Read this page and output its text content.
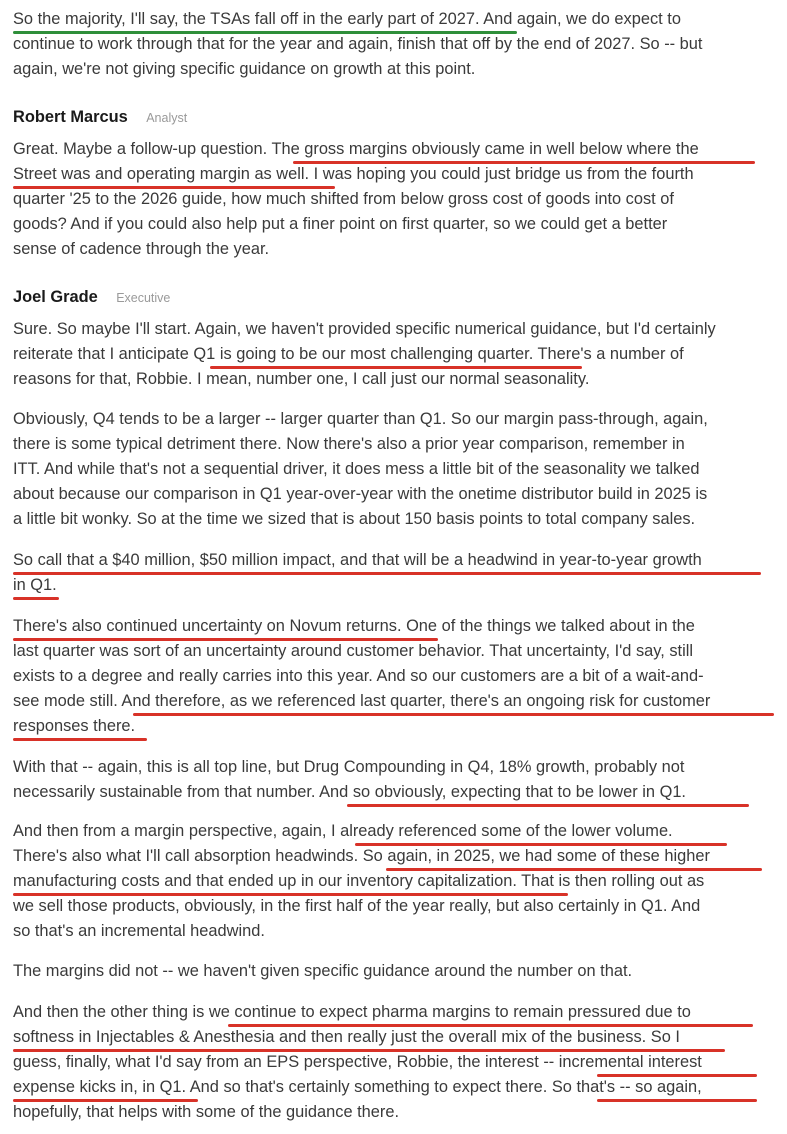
So the majority, I'll say, the TSAs fall off in the early part of 2027. And again, we do expect to
continue to work through that for the year and again, finish that off by the end of 2027. So -- but
again, we're not giving specific guidance on growth at this point.
Robert Marcus Analyst
Great. Maybe a follow-up question. The gross margins obviously came in well below where the
Street was and operating margin as well. I was hoping you could just bridge us from the fourth
quarter '25 to the 2026 guide, how much shifted from below gross cost of goods into cost of
goods? And if you could also help put a finer point on first quarter, so we could get a better
sense of cadence through the year.
Joel Grade Executive
Sure. So maybe I'll start. Again, we haven't provided specific numerical guidance, but I'd certainly
reiterate that I anticipate Q1 is going to be our most challenging quarter. There's a number of
reasons for that, Robbie. I mean, number one, I call just our normal seasonality.
Obviously, Q4 tends to be a larger -- larger quarter than Q1. So our margin pass-through, again,
there is some typical detriment there. Now there's also a prior year comparison, remember in
ITT. And while that's not a sequential driver, it does mess a little bit of the seasonality we talked
about because our comparison in Q1 year-over-year with the onetime distributor build in 2025 is
a little bit wonky. So at the time we sized that is about 150 basis points to total company sales.
So call that a $40 million, $50 million impact, and that will be a headwind in year-to-year growth
in Q1.
There's also continued uncertainty on Novum returns. One of the things we talked about in the
last quarter was sort of an uncertainty around customer behavior. That uncertainty, I'd say, still
exists to a degree and really carries into this year. And so our customers are a bit of a wait-and-
see mode still. And therefore, as we referenced last quarter, there's an ongoing risk for customer
responses there.
With that -- again, this is all top line, but Drug Compounding in Q4, 18% growth, probably not
necessarily sustainable from that number. And so obviously, expecting that to be lower in Q1.
And then from a margin perspective, again, I already referenced some of the lower volume.
There's also what I'll call absorption headwinds. So again, in 2025, we had some of these higher
manufacturing costs and that ended up in our inventory capitalization. That is then rolling out as
we sell those products, obviously, in the first half of the year really, but also certainly in Q1. And
so that's an incremental headwind.
The margins did not -- we haven't given specific guidance around the number on that.
And then the other thing is we continue to expect pharma margins to remain pressured due to
softness in Injectables & Anesthesia and then really just the overall mix of the business. So I
guess, finally, what I'd say from an EPS perspective, Robbie, the interest -- incremental interest
expense kicks in, in Q1. And so that's certainly something to expect there. So that's -- so again,
hopefully, that helps with some of the guidance there.
